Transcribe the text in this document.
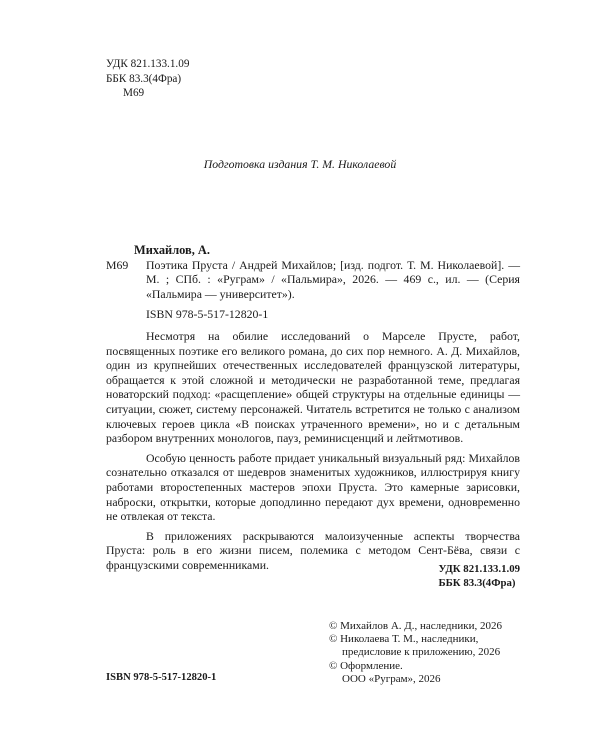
УДК 821.133.1.09
ББК 83.3(4Фра)
М69
Подготовка издания Т. М. Николаевой
Михайлов, А.
М69 Поэтика Пруста / Андрей Михайлов; [изд. подгот. Т. М. Николаевой]. — М. ; СПб. : «Руграм» / «Пальмира», 2026. — 469 с., ил. — (Серия «Пальмира — университет»).
ISBN 978-5-517-12820-1

Несмотря на обилие исследований о Марселе Прусте, работ, посвященных поэтике его великого романа, до сих пор немного. А. Д. Михайлов, один из крупнейших отечественных исследователей французской литературы, обращается к этой сложной и методически не разработанной теме, предлагая новаторский подход: «расщепление» общей структуры на отдельные единицы — ситуации, сюжет, систему персонажей. Читатель встретится не только с анализом ключевых героев цикла «В поисках утраченного времени», но и с детальным разбором внутренних монологов, пауз, реминисценций и лейтмотивов.

Особую ценность работе придает уникальный визуальный ряд: Михайлов сознательно отказался от шедевров знаменитых художников, иллюстрируя книгу работами второстепенных мастеров эпохи Пруста. Это камерные зарисовки, наброски, открытки, которые доподлинно передают дух времени, одновременно не отвлекая от текста.

В приложениях раскрываются малоизученные аспекты творчества Пруста: роль в его жизни писем, полемика с методом Сент-Бёва, связи с французскими современниками.	УДК 821.133.1.09
ББК 83.3(4Фра)
© Михайлов А. Д., наследники, 2026
© Николаева Т. М., наследники,
предисловие к приложению, 2026
© Оформление.
ООО «Руграм», 2026
ISBN 978-5-517-12820-1
